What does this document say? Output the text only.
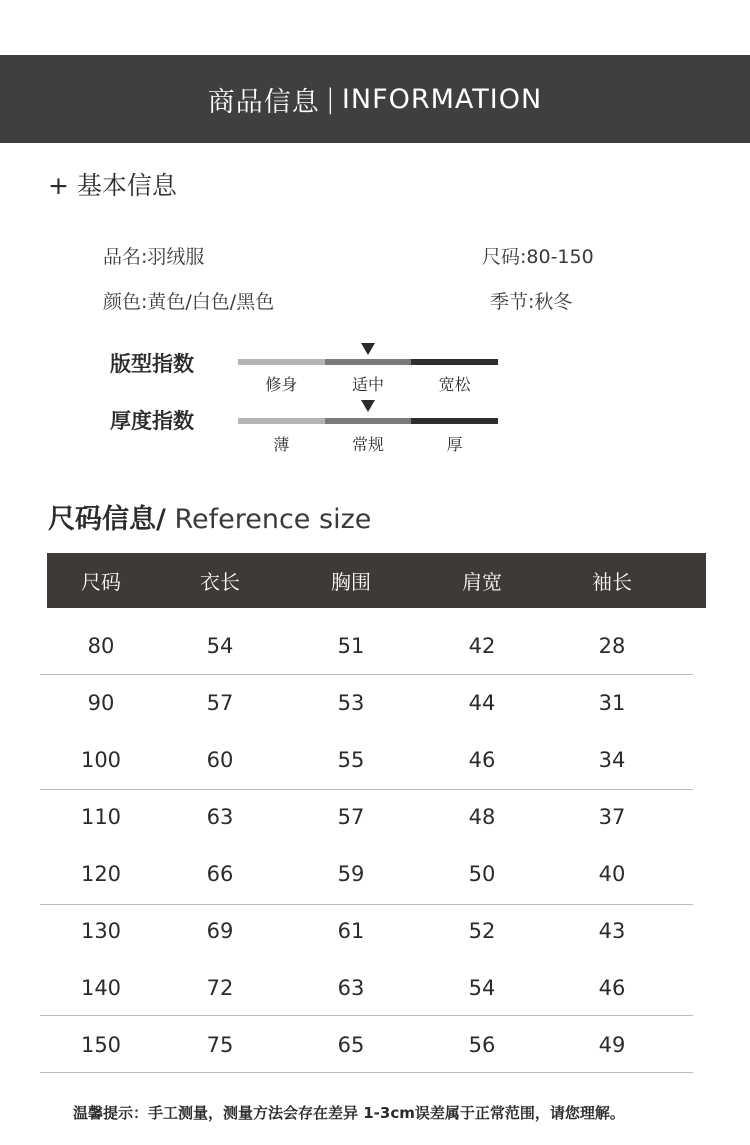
商品信息 | INFORMATION
+ 基本信息
品名:羽绒服	尺码:80-150
颜色:黄色/白色/黑色	季节:秋冬
版型指数
修身	适中	宽松
厚度指数
薄	常规	厚
尺码信息/ Reference size
尺码	衣长	胸围	肩宽	袖长
80	54	51	42	28
90	57	53	44	31
100	60	55	46	34
110	63	57	48	37
120	66	59	50	40
130	69	61	52	43
140	72	63	54	46
150	75	65	56	49
温馨提示：手工测量，测量方法会存在差异 1-3cm误差属于正常范围，请您理解。
